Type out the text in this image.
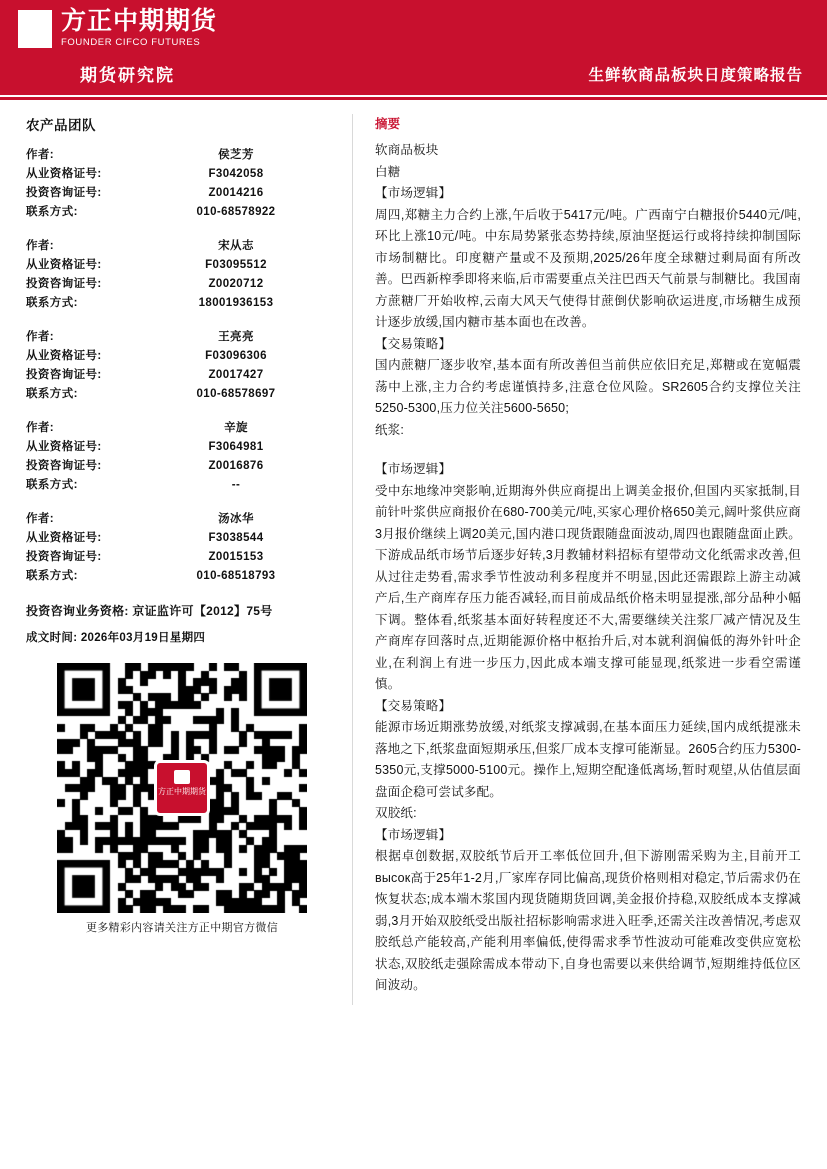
方正中期期货
FOUNDER CIFCO FUTURES
期货研究院	生鲜软商品板块日度策略报告
农产品团队
作者:	侯芝芳
从业资格证号:	F3042058
投资咨询证号:	Z0014216
联系方式:	010-68578922
作者:	宋从志
从业资格证号:	F03095512
投资咨询证号:	Z0020712
联系方式:	18001936153
作者:	王亮亮
从业资格证号:	F03096306
投资咨询证号:	Z0017427
联系方式:	010-68578697
作者:	辛旋
从业资格证号:	F3064981
投资咨询证号:	Z0016876
联系方式:	--
作者:	汤冰华
从业资格证号:	F3038544
投资咨询证号:	Z0015153
联系方式:	010-68518793
投资咨询业务资格: 京证监许可【2012】75号
成文时间: 2026年03月19日星期四
方正中期期货
更多精彩内容请关注方正中期官方微信
摘要

软商品板块

白糖

【市场逻辑】

周四,郑糖主力合约上涨,午后收于5417元/吨。广西南宁白糖报价5440元/吨,环比上涨10元/吨。中东局势紧张态势持续,原油坚挺运行或将持续抑制国际市场制糖比。印度糖产量或不及预期,2025/26年度全球糖过剩局面有所改善。巴西新榨季即将来临,后市需要重点关注巴西天气前景与制糖比。我国南方蔗糖厂开始收榨,云南大风天气使得甘蔗倒伏影响砍运进度,市场糖生成预计逐步放缓,国内糖市基本面也在改善。

【交易策略】

国内蔗糖厂逐步收窄,基本面有所改善但当前供应依旧充足,郑糖或在宽幅震荡中上涨,主力合约考虑谨慎持多,注意仓位风险。SR2605合约支撑位关注5250-5300,压力位关注5600-5650;

纸浆:

【市场逻辑】

受中东地缘冲突影响,近期海外供应商提出上调美金报价,但国内买家抵制,目前针叶浆供应商报价在680-700美元/吨,买家心理价格650美元,阔叶浆供应商3月报价继续上调20美元,国内港口现货跟随盘面波动,周四也跟随盘面止跌。下游成品纸市场节后逐步好转,3月教辅材料招标有望带动文化纸需求改善,但从过往走势看,需求季节性波动利多程度并不明显,因此还需跟踪上游主动减产后,生产商库存压力能否减轻,而目前成品纸价格未明显提涨,部分品种小幅下调。整体看,纸浆基本面好转程度还不大,需要继续关注浆厂减产情况及生产商库存回落时点,近期能源价格中枢抬升后,对本就利润偏低的海外针叶企业,在利润上有进一步压力,因此成本端支撑可能显现,纸浆进一步看空需谨慎。

【交易策略】

能源市场近期涨势放缓,对纸浆支撑减弱,在基本面压力延续,国内成纸提涨未落地之下,纸浆盘面短期承压,但浆厂成本支撑可能渐显。2605合约压力5300-5350元,支撑5000-5100元。操作上,短期空配逢低离场,暂时观望,从估值层面盘面企稳可尝试多配。

双胶纸:

【市场逻辑】

根据卓创数据,双胶纸节后开工率低位回升,但下游刚需采购为主,目前开工высок高于25年1-2月,厂家库存同比偏高,现货价格则相对稳定,节后需求仍在恢复状态;成本端木浆国内现货随期货回调,美金报价持稳,双胶纸成本支撑减弱,3月开始双胶纸受出版社招标影响需求进入旺季,还需关注改善情况,考虑双胶纸总产能较高,产能利用率偏低,使得需求季节性波动可能难改变供应宽松状态,双胶纸走强除需成本带动下,自身也需要以来供给调节,短期维持低位区间波动。
